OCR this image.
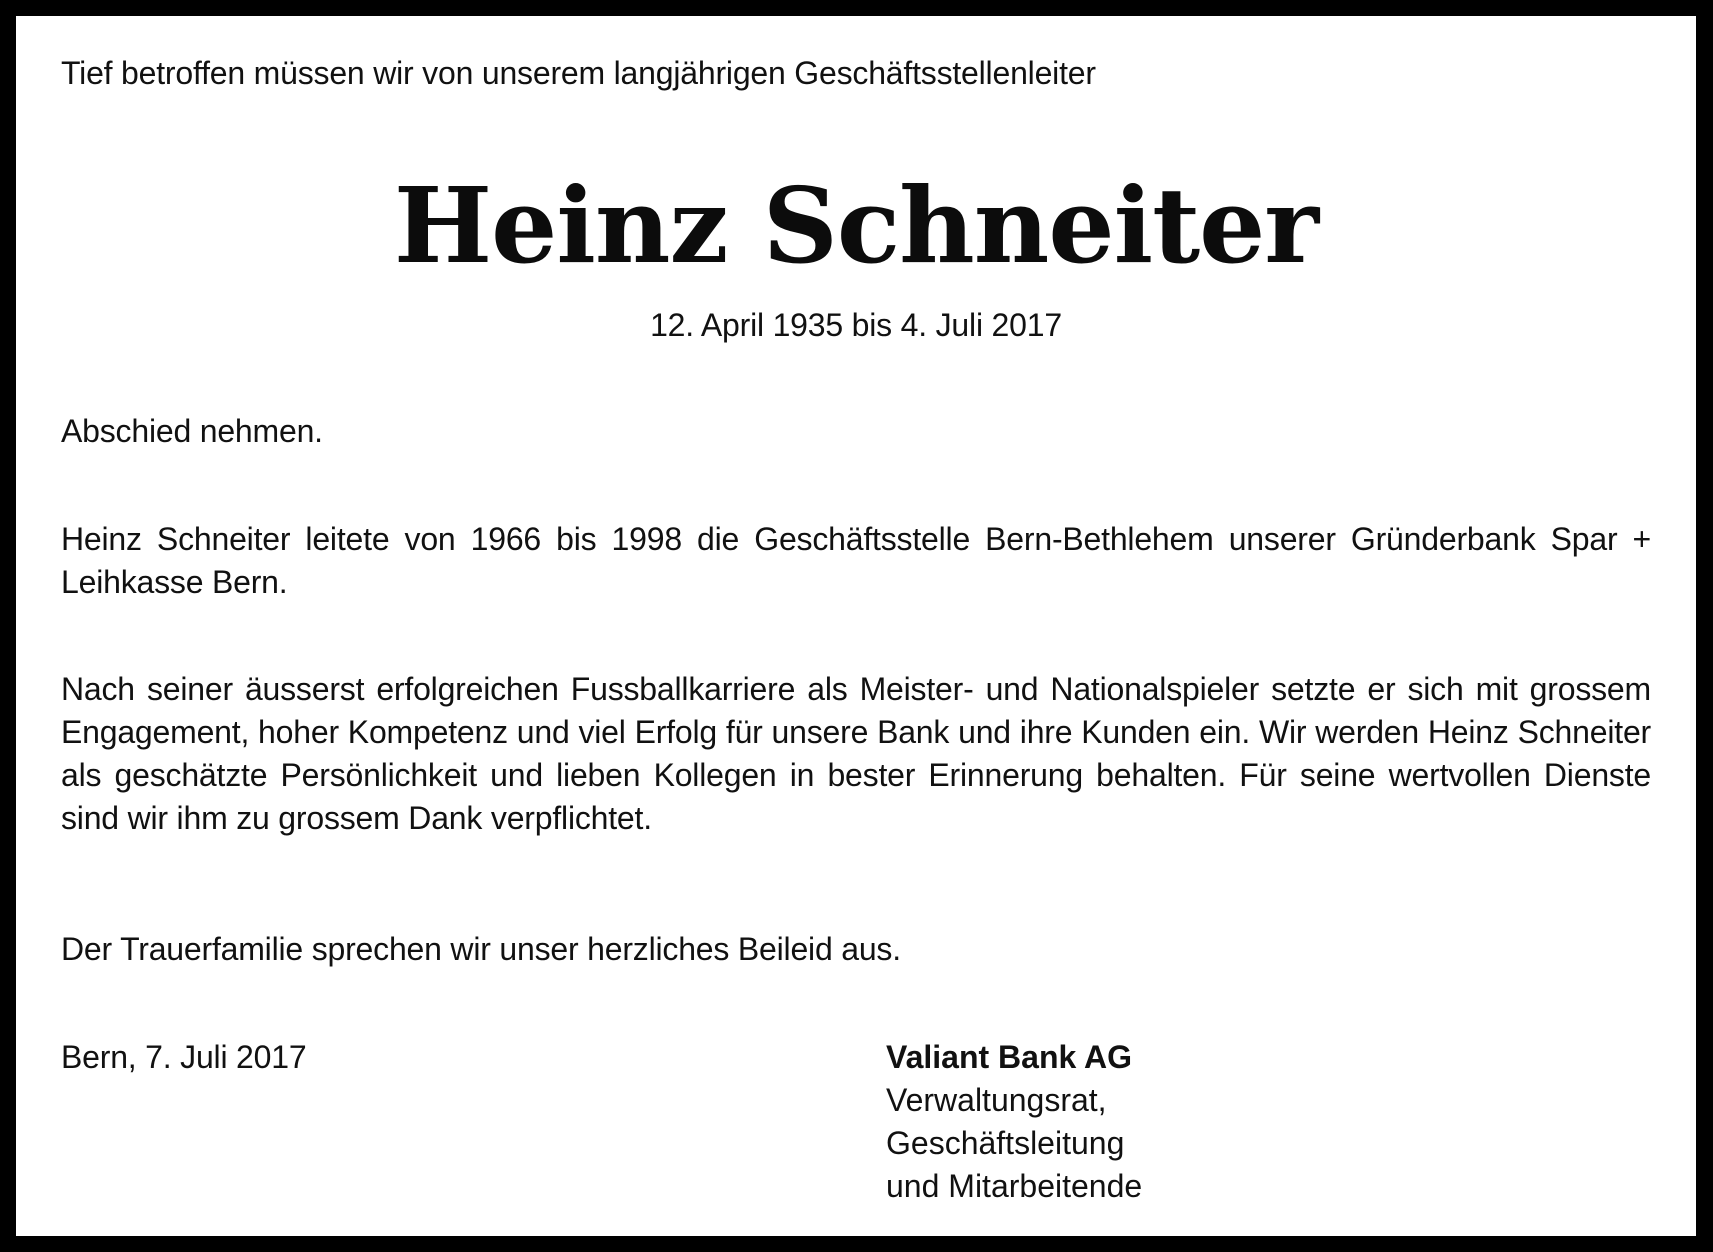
Tief betroffen müssen wir von unserem langjährigen Geschäftsstellenleiter

Heinz Schneiter

12. April 1935 bis 4. Juli 2017

Abschied nehmen.

Heinz Schneiter leitete von 1966 bis 1998 die Geschäftsstelle Bern-Bethlehem unserer Gründerbank Spar + Leihkasse Bern.

Nach seiner äusserst erfolgreichen Fussballkarriere als Meister- und Nationalspieler setzte er sich mit grossem Engagement, hoher Kompetenz und viel Erfolg für unsere Bank und ihre Kunden ein. Wir werden Heinz Schneiter als geschätzte Persönlichkeit und lieben Kollegen in bester Erinnerung behalten. Für seine wertvollen Dienste sind wir ihm zu grossem Dank verpflichtet.

Der Trauerfamilie sprechen wir unser herzliches Beileid aus.

Bern, 7. Juli 2017	Valiant Bank AG
Verwaltungsrat,
Geschäftsleitung
und Mitarbeitende
